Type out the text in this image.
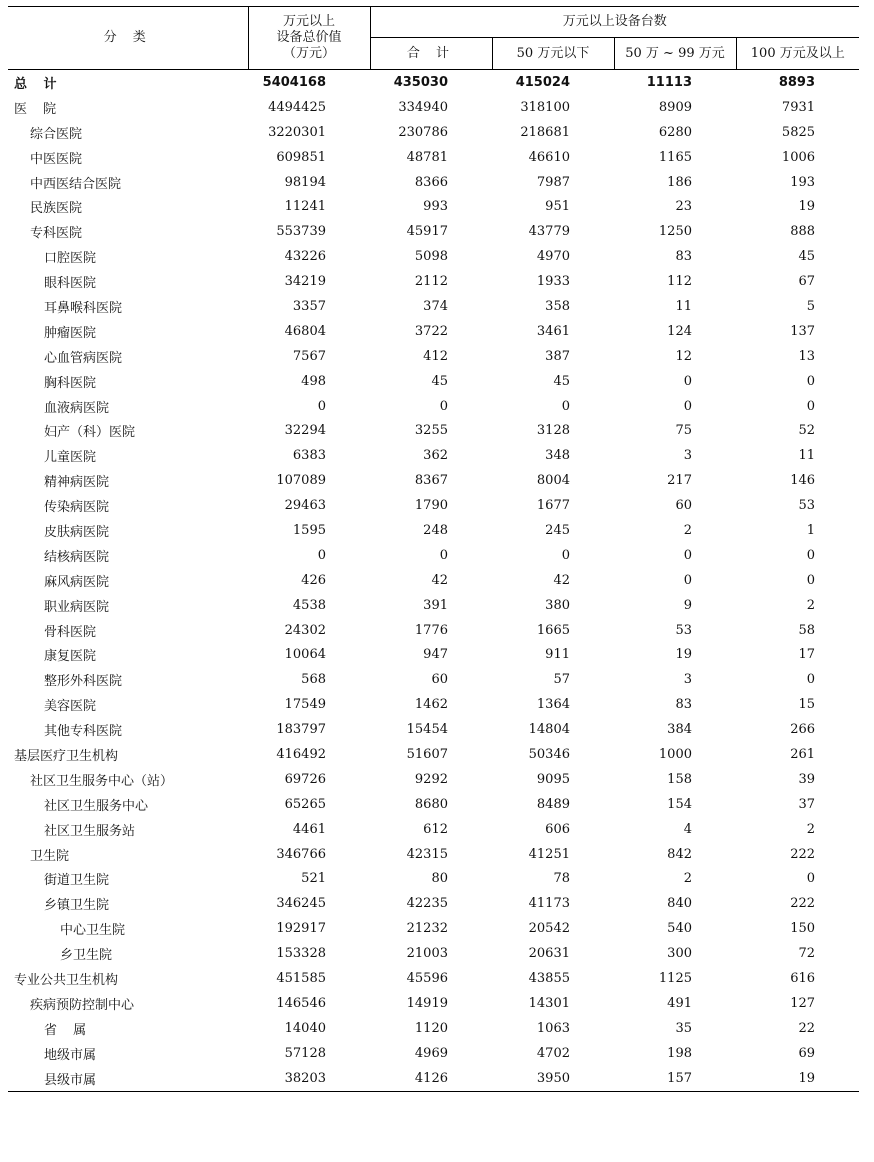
分 类	万元以上
设备总价值
（万元）	万元以上设备台数			
		合 计	50 万元以下	50 万 ~ 99 万元	100 万元及以上
总 计	5404168	435030	415024	11113	8893
医 院	4494425	334940	318100	8909	7931
综合医院	3220301	230786	218681	6280	5825
中医医院	609851	48781	46610	1165	1006
中西医结合医院	98194	8366	7987	186	193
民族医院	11241	993	951	23	19
专科医院	553739	45917	43779	1250	888
口腔医院	43226	5098	4970	83	45
眼科医院	34219	2112	1933	112	67
耳鼻喉科医院	3357	374	358	11	5
肿瘤医院	46804	3722	3461	124	137
心血管病医院	7567	412	387	12	13
胸科医院	498	45	45	0	0
血液病医院	0	0	0	0	0
妇产（科）医院	32294	3255	3128	75	52
儿童医院	6383	362	348	3	11
精神病医院	107089	8367	8004	217	146
传染病医院	29463	1790	1677	60	53
皮肤病医院	1595	248	245	2	1
结核病医院	0	0	0	0	0
麻风病医院	426	42	42	0	0
职业病医院	4538	391	380	9	2
骨科医院	24302	1776	1665	53	58
康复医院	10064	947	911	19	17
整形外科医院	568	60	57	3	0
美容医院	17549	1462	1364	83	15
其他专科医院	183797	15454	14804	384	266
基层医疗卫生机构	416492	51607	50346	1000	261
社区卫生服务中心（站）	69726	9292	9095	158	39
社区卫生服务中心	65265	8680	8489	154	37
社区卫生服务站	4461	612	606	4	2
卫生院	346766	42315	41251	842	222
街道卫生院	521	80	78	2	0
乡镇卫生院	346245	42235	41173	840	222
中心卫生院	192917	21232	20542	540	150
乡卫生院	153328	21003	20631	300	72
专业公共卫生机构	451585	45596	43855	1125	616
疾病预防控制中心	146546	14919	14301	491	127
省 属	14040	1120	1063	35	22
地级市属	57128	4969	4702	198	69
县级市属	38203	4126	3950	157	19
